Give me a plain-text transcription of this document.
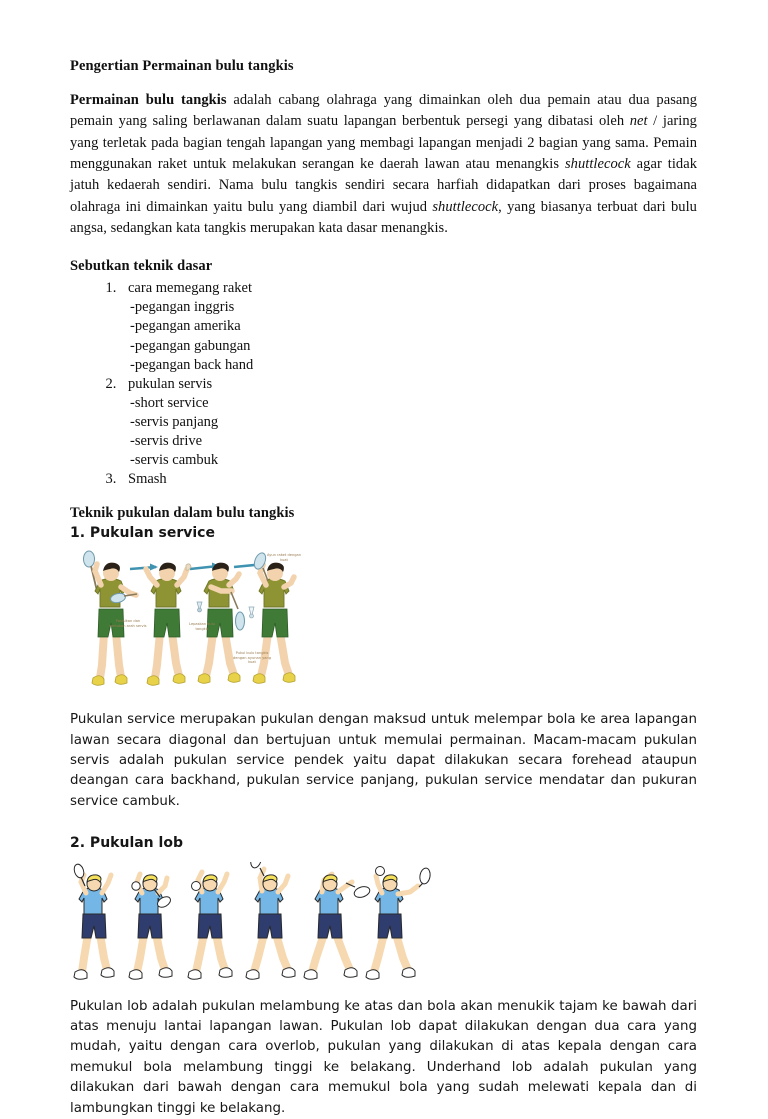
Pengertian Permainan bulu tangkis

Permainan bulu tangkis adalah cabang olahraga yang dimainkan oleh dua pemain atau dua pasang pemain yang saling berlawanan dalam suatu lapangan berbentuk persegi yang dibatasi oleh net / jaring yang terletak pada bagian tengah lapangan yang membagi lapangan menjadi 2 bagian yang sama. Pemain menggunakan raket untuk melakukan serangan ke daerah lawan atau menangkis shuttlecock agar tidak jatuh kedaerah sendiri. Nama bulu tangkis sendiri secara harfiah didapatkan dari proses bagaimana olahraga ini dimainkan yaitu bulu yang diambil dari wujud shuttlecock, yang biasanya terbuat dari bulu angsa, sedangkan kata tangkis merupakan kata dasar menangkis.

Sebutkan teknik dasar
1. cara memegang raket
-pegangan inggris
-pegangan amerika
-pegangan gabungan
-pegangan back hand
2. pukulan servis
-short service
-servis panjang
-servis drive
-servis cambuk
3. Smash
Teknik pukulan dalam bulu tangkis
1. Pukulan service
Posisikan dan tentukan arah servis	Lepaskan bulu tangkis
Pukul bulu tangkis dengan ayunan yang kuat
Ayun raket dengan kuat

Pukulan service merupakan pukulan dengan maksud untuk melempar bola ke area lapangan lawan secara diagonal dan bertujuan untuk memulai permainan. Macam-macam pukulan servis adalah pukulan service pendek yaitu dapat dilakukan secara forehead ataupun deangan cara backhand, pukulan service panjang, pukulan service mendatar dan pukuran service cambuk.

2. Pukulan lob

Pukulan lob adalah pukulan melambung ke atas dan bola akan menukik tajam ke bawah dari atas menuju lantai lapangan lawan. Pukulan lob dapat dilakukan dengan dua cara yang mudah, yaitu dengan cara overlob, pukulan yang dilakukan di atas kepala dengan cara memukul bola melambung tinggi ke belakang. Underhand lob adalah pukulan yang dilakukan dari bawah dengan cara memukul bola yang sudah melewati kepala dan di lambungkan tinggi ke belakang.
